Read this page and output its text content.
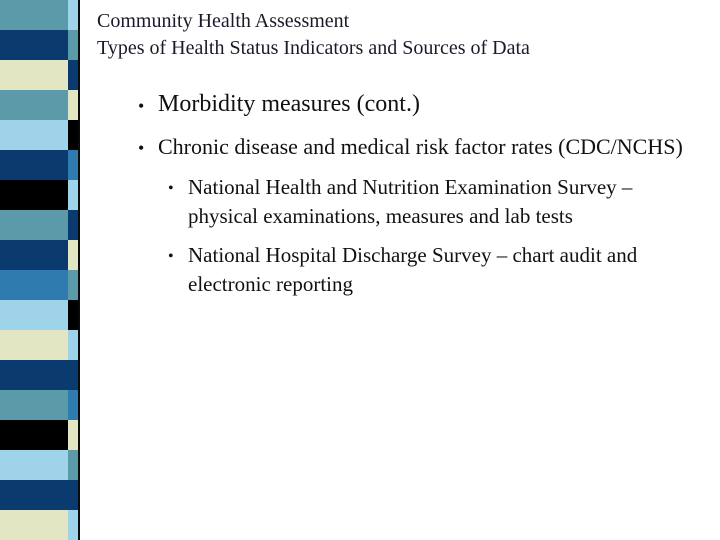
Community Health Assessment
Types of Health Status Indicators and Sources of Data
• Morbidity measures (cont.)
• Chronic disease and medical risk factor rates (CDC/NCHS)
• National Health and Nutrition Examination Survey – physical examinations, measures and lab tests
• National Hospital Discharge Survey – chart audit and electronic reporting
